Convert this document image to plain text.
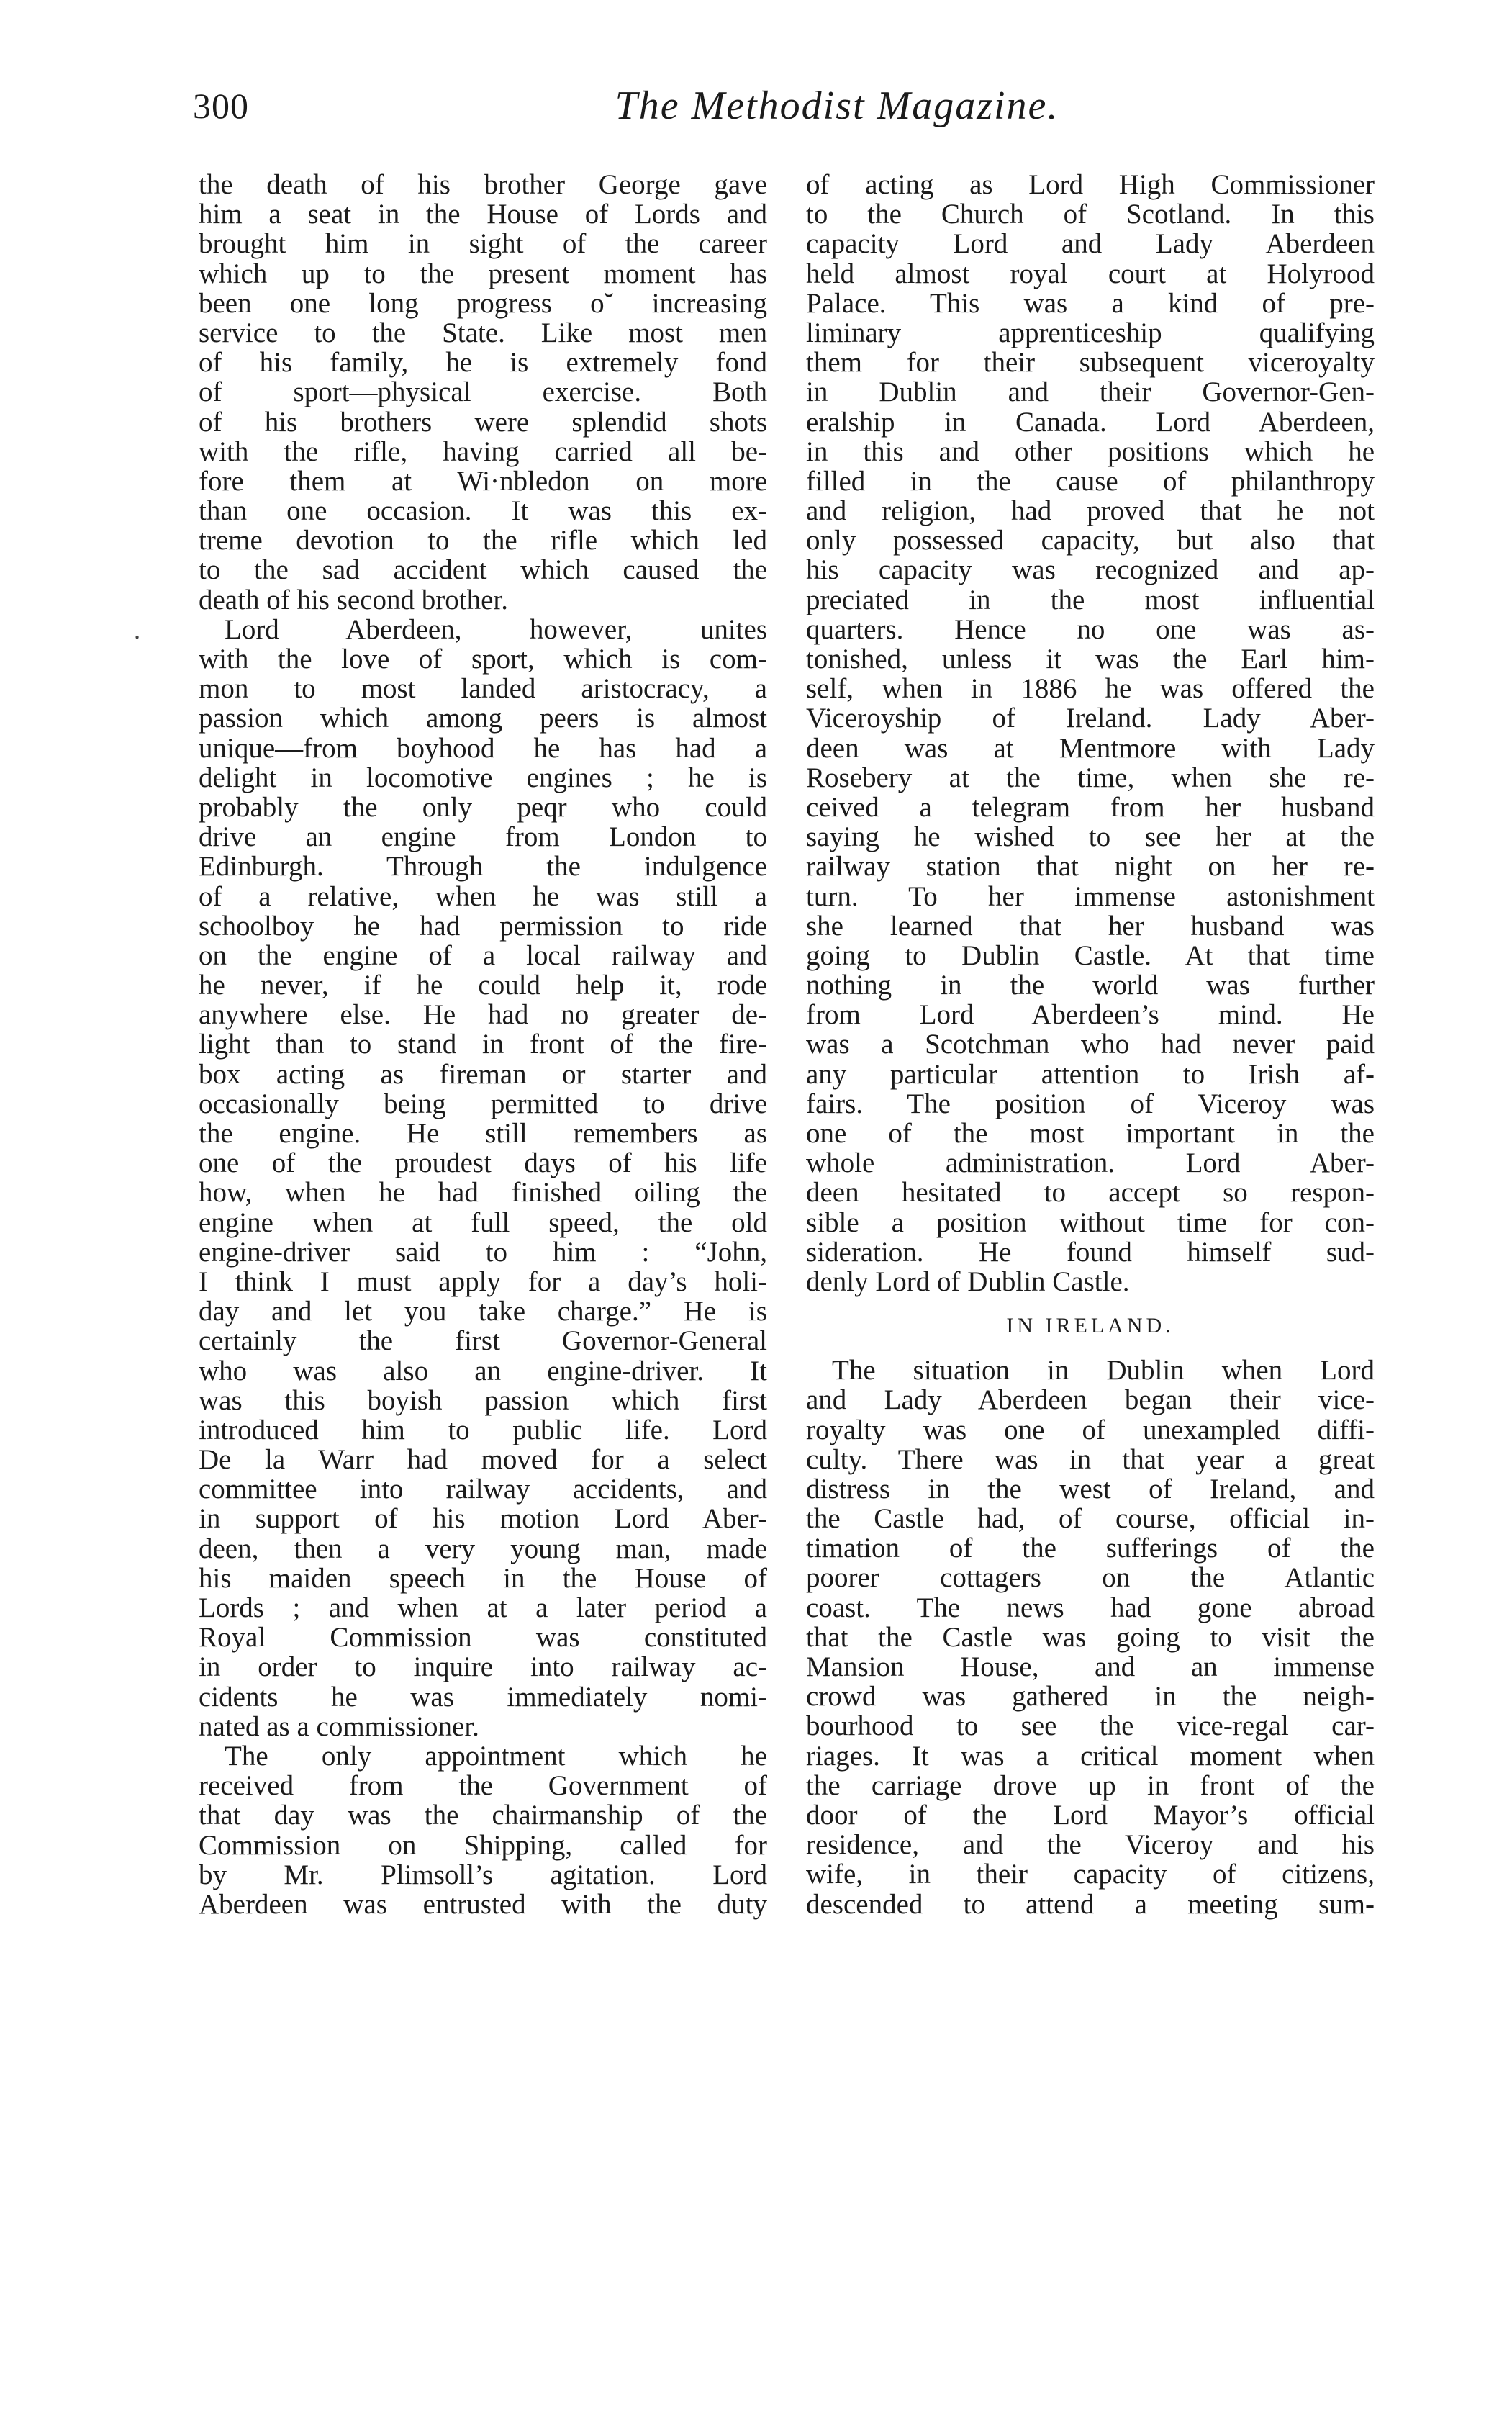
300	The Methodist Magazine.
⸱
the death of his brother George gave
him a seat in the House of Lords and
brought him in sight of the career
which up to the present moment has
been one long progress o˘ increasing
service to the State. Like most men
of his family, he is extremely fond
of sport—physical exercise. Both
of his brothers were splendid shots
with the rifle, having carried all be-
fore them at Wi·nbledon on more
than one occasion. It was this ex-
treme devotion to the rifle which led
to the sad accident which caused the
death of his second brother.
Lord Aberdeen, however, unites
with the love of sport, which is com-
mon to most landed aristocracy, a
passion which among peers is almost
unique—from boyhood he has had a
delight in locomotive engines ; he is
probably the only peqr who could
drive an engine from London to
Edinburgh. Through the indulgence
of a relative, when he was still a
schoolboy he had permission to ride
on the engine of a local railway and
he never, if he could help it, rode
anywhere else. He had no greater de-
light than to stand in front of the fire-
box acting as fireman or starter and
occasionally being permitted to drive
the engine. He still remembers as
one of the proudest days of his life
how, when he had finished oiling the
engine when at full speed, the old
engine-driver said to him : “John,
I think I must apply for a day’s holi-
day and let you take charge.” He is
certainly the first Governor-General
who was also an engine-driver. It
was this boyish passion which first
introduced him to public life. Lord
De la Warr had moved for a select
committee into railway accidents, and
in support of his motion Lord Aber-
deen, then a very young man, made
his maiden speech in the House of
Lords ; and when at a later period a
Royal Commission was constituted
in order to inquire into railway ac-
cidents he was immediately nomi-
nated as a commissioner.
The only appointment which he
received from the Government of
that day was the chairmanship of the
Commission on Shipping, called for
by Mr. Plimsoll’s agitation. Lord
Aberdeen was entrusted with the duty
of acting as Lord High Commissioner
to the Church of Scotland. In this
capacity Lord and Lady Aberdeen
held almost royal court at Holyrood
Palace. This was a kind of pre-
liminary apprenticeship qualifying
them for their subsequent viceroyalty
in Dublin and their Governor-Gen-
eralship in Canada. Lord Aberdeen,
in this and other positions which he
filled in the cause of philanthropy
and religion, had proved that he not
only possessed capacity, but also that
his capacity was recognized and ap-
preciated in the most influential
quarters. Hence no one was as-
tonished, unless it was the Earl him-
self, when in 1886 he was offered the
Viceroyship of Ireland. Lady Aber-
deen was at Mentmore with Lady
Rosebery at the time, when she re-
ceived a telegram from her husband
saying he wished to see her at the
railway station that night on her re-
turn. To her immense astonishment
she learned that her husband was
going to Dublin Castle. At that time
nothing in the world was further
from Lord Aberdeen’s mind. He
was a Scotchman who had never paid
any particular attention to Irish af-
fairs. The position of Viceroy was
one of the most important in the
whole administration. Lord Aber-
deen hesitated to accept so respon-
sible a position without time for con-
sideration. He found himself sud-
denly Lord of Dublin Castle.
IN IRELAND.
The situation in Dublin when Lord
and Lady Aberdeen began their vice-
royalty was one of unexampled diffi-
culty. There was in that year a great
distress in the west of Ireland, and
the Castle had, of course, official in-
timation of the sufferings of the
poorer cottagers on the Atlantic
coast. The news had gone abroad
that the Castle was going to visit the
Mansion House, and an immense
crowd was gathered in the neigh-
bourhood to see the vice-regal car-
riages. It was a critical moment when
the carriage drove up in front of the
door of the Lord Mayor’s official
residence, and the Viceroy and his
wife, in their capacity of citizens,
descended to attend a meeting sum-
